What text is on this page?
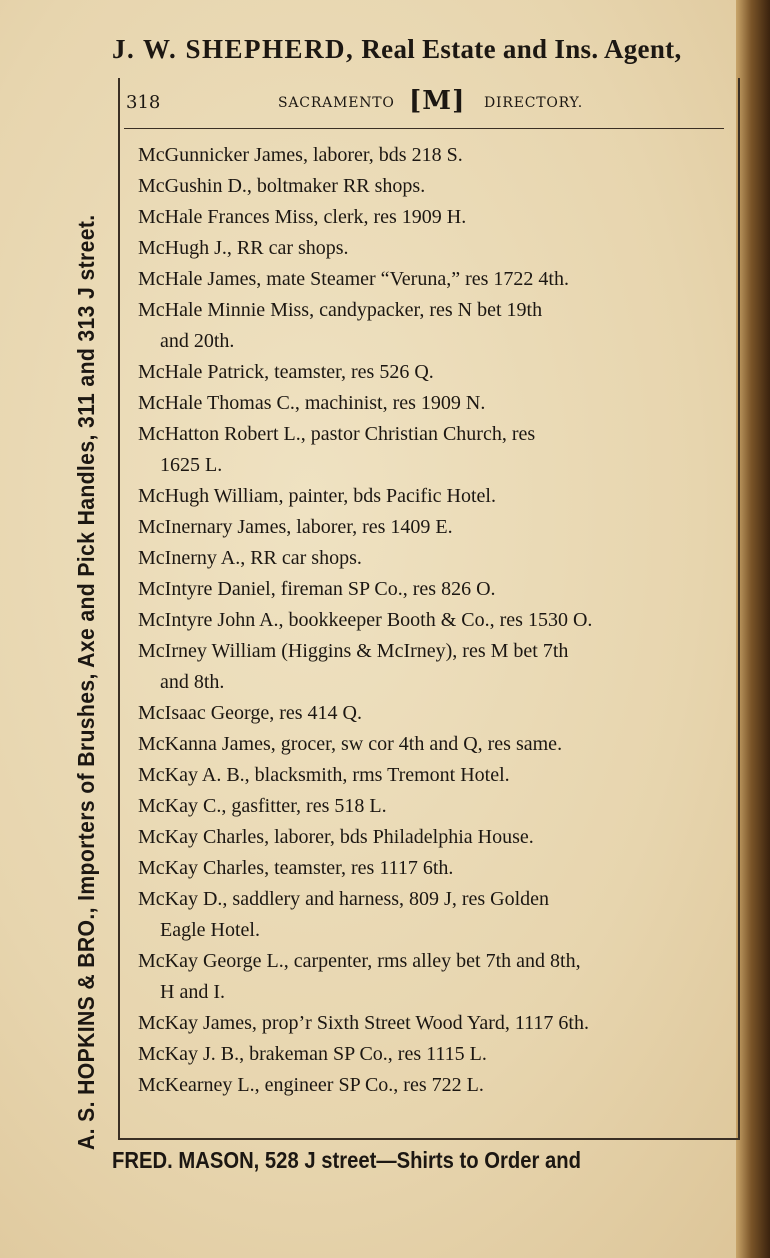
J. W. SHEPHERD, Real Estate and Ins. Agent,
A. S. HOPKINS & BRO., Importers of Brushes, Axe and Pick Handles, 311 and 313 J street.
318	SACRAMENTO [M] DIRECTORY.
McGunnicker James, laborer, bds 218 S.
McGushin D., boltmaker RR shops.
McHale Frances Miss, clerk, res 1909 H.
McHugh J., RR car shops.
McHale James, mate Steamer “Veruna,” res 1722 4th.
McHale Minnie Miss, candypacker, res N bet 19th
and 20th.
McHale Patrick, teamster, res 526 Q.
McHale Thomas C., machinist, res 1909 N.
McHatton Robert L., pastor Christian Church, res
1625 L.
McHugh William, painter, bds Pacific Hotel.
McInernary James, laborer, res 1409 E.
McInerny A., RR car shops.
McIntyre Daniel, fireman SP Co., res 826 O.
McIntyre John A., bookkeeper Booth & Co., res 1530 O.
McIrney William (Higgins & McIrney), res M bet 7th
and 8th.
McIsaac George, res 414 Q.
McKanna James, grocer, sw cor 4th and Q, res same.
McKay A. B., blacksmith, rms Tremont Hotel.
McKay C., gasfitter, res 518 L.
McKay Charles, laborer, bds Philadelphia House.
McKay Charles, teamster, res 1117 6th.
McKay D., saddlery and harness, 809 J, res Golden
Eagle Hotel.
McKay George L., carpenter, rms alley bet 7th and 8th,
H and I.
McKay James, prop’r Sixth Street Wood Yard, 1117 6th.
McKay J. B., brakeman SP Co., res 1115 L.
McKearney L., engineer SP Co., res 722 L.
FRED. MASON, 528 J street—Shirts to Order and
